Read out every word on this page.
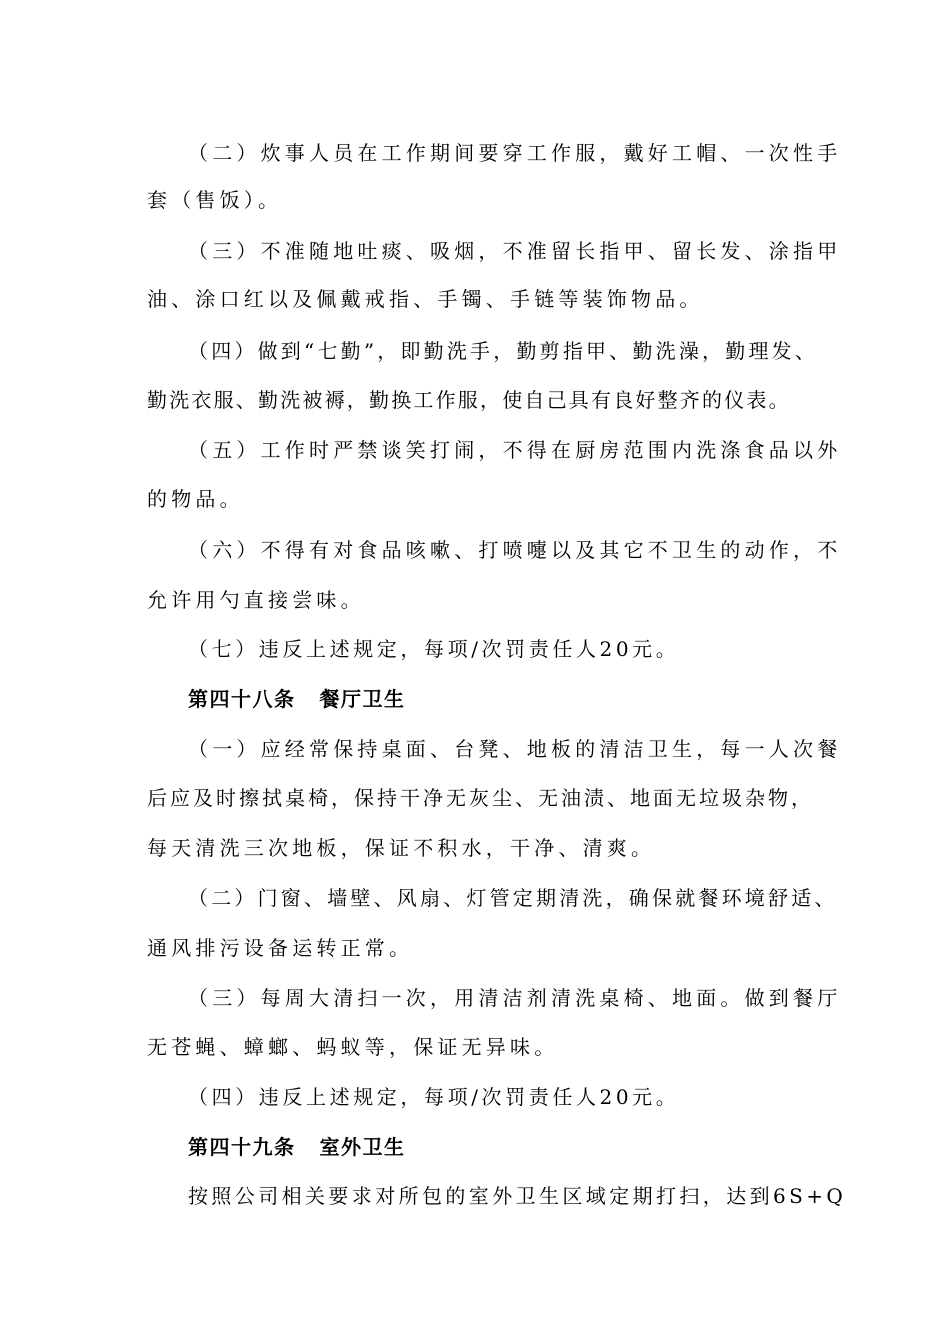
（二）炊事人员在工作期间要穿工作服，戴好工帽、一次性手
套（售饭）。
（三）不准随地吐痰、吸烟，不准留长指甲、留长发、涂指甲
油、涂口红以及佩戴戒指、手镯、手链等装饰物品。
（四）做到“七勤”，即勤洗手，勤剪指甲、勤洗澡，勤理发、
勤洗衣服、勤洗被褥，勤换工作服，使自己具有良好整齐的仪表。
（五）工作时严禁谈笑打闹，不得在厨房范围内洗涤食品以外
的物品。
（六）不得有对食品咳嗽、打喷嚏以及其它不卫生的动作，不
允许用勺直接尝味。
（七）违反上述规定，每项/次罚责任人20元。
第四十八条 餐厅卫生
（一）应经常保持桌面、台凳、地板的清洁卫生，每一人次餐
后应及时擦拭桌椅，保持干净无灰尘、无油渍、地面无垃圾杂物，
每天清洗三次地板，保证不积水，干净、清爽。
（二）门窗、墙壁、风扇、灯管定期清洗，确保就餐环境舒适、
通风排污设备运转正常。
（三）每周大清扫一次，用清洁剂清洗桌椅、地面。做到餐厅
无苍蝇、蟑螂、蚂蚁等，保证无异味。
（四）违反上述规定，每项/次罚责任人20元。
第四十九条 室外卫生
按照公司相关要求对所包的室外卫生区域定期打扫，达到6S+Q
